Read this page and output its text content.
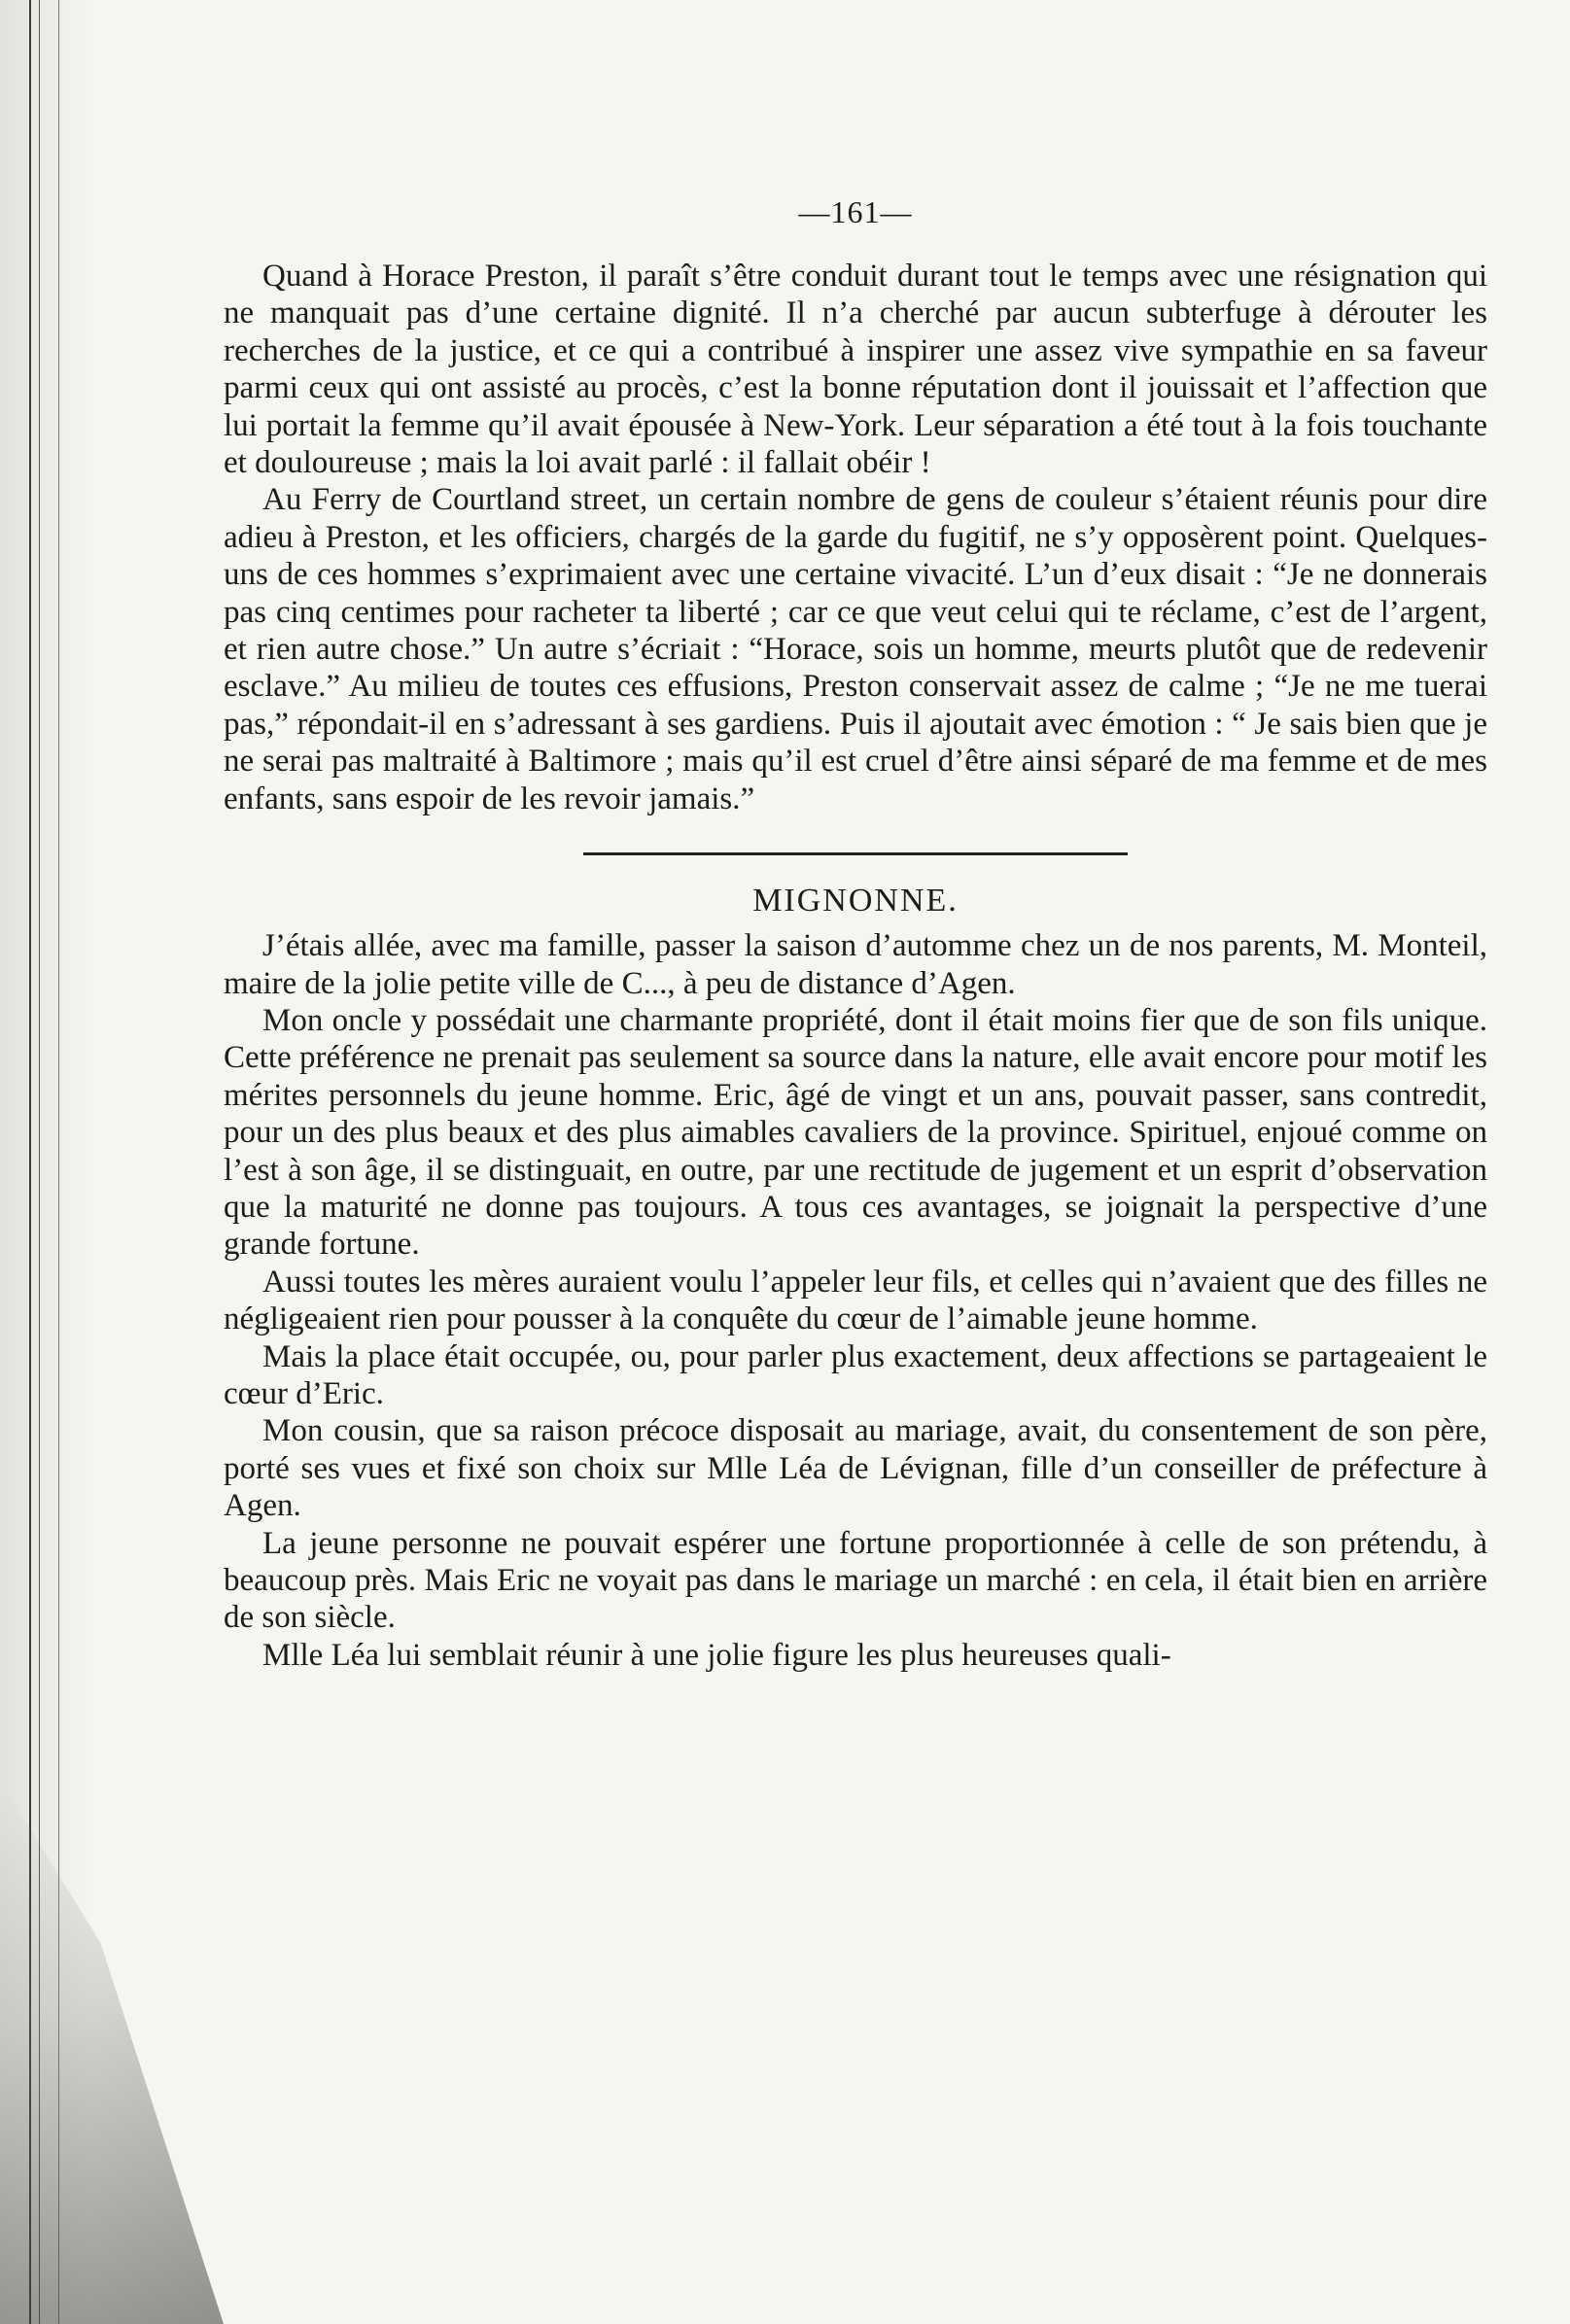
—161—

Quand à Horace Preston, il paraît s’être conduit durant tout le temps avec une résignation qui ne manquait pas d’une certaine dignité. Il n’a cherché par aucun subterfuge à dérouter les recherches de la justice, et ce qui a contribué à inspirer une assez vive sympathie en sa faveur parmi ceux qui ont assisté au procès, c’est la bonne réputation dont il jouissait et l’affection que lui portait la femme qu’il avait épousée à New-York. Leur séparation a été tout à la fois touchante et douloureuse ; mais la loi avait parlé : il fallait obéir !

Au Ferry de Courtland street, un certain nombre de gens de couleur s’étaient réunis pour dire adieu à Preston, et les officiers, chargés de la garde du fugitif, ne s’y opposèrent point. Quelques-uns de ces hommes s’exprimaient avec une certaine vivacité. L’un d’eux disait : “Je ne donnerais pas cinq centimes pour racheter ta liberté ; car ce que veut celui qui te réclame, c’est de l’argent, et rien autre chose.” Un autre s’écriait : “Horace, sois un homme, meurts plutôt que de redevenir esclave.” Au milieu de toutes ces effusions, Preston conservait assez de calme ; “Je ne me tuerai pas,” répondait-il en s’adressant à ses gardiens. Puis il ajoutait avec émotion : “ Je sais bien que je ne serai pas maltraité à Baltimore ; mais qu’il est cruel d’être ainsi séparé de ma femme et de mes enfants, sans espoir de les revoir jamais.”

MIGNONNE.

J’étais allée, avec ma famille, passer la saison d’automme chez un de nos parents, M. Monteil, maire de la jolie petite ville de C..., à peu de distance d’Agen.

Mon oncle y possédait une charmante propriété, dont il était moins fier que de son fils unique. Cette préférence ne prenait pas seulement sa source dans la nature, elle avait encore pour motif les mérites personnels du jeune homme. Eric, âgé de vingt et un ans, pouvait passer, sans contredit, pour un des plus beaux et des plus aimables cavaliers de la province. Spirituel, enjoué comme on l’est à son âge, il se distinguait, en outre, par une rectitude de jugement et un esprit d’observation que la maturité ne donne pas toujours. A tous ces avantages, se joignait la perspective d’une grande fortune.

Aussi toutes les mères auraient voulu l’appeler leur fils, et celles qui n’avaient que des filles ne négligeaient rien pour pousser à la conquête du cœur de l’aimable jeune homme.

Mais la place était occupée, ou, pour parler plus exactement, deux affections se partageaient le cœur d’Eric.

Mon cousin, que sa raison précoce disposait au mariage, avait, du consentement de son père, porté ses vues et fixé son choix sur Mlle Léa de Lévignan, fille d’un conseiller de préfecture à Agen.

La jeune personne ne pouvait espérer une fortune proportionnée à celle de son prétendu, à beaucoup près. Mais Eric ne voyait pas dans le mariage un marché : en cela, il était bien en arrière de son siècle.

Mlle Léa lui semblait réunir à une jolie figure les plus heureuses quali-
